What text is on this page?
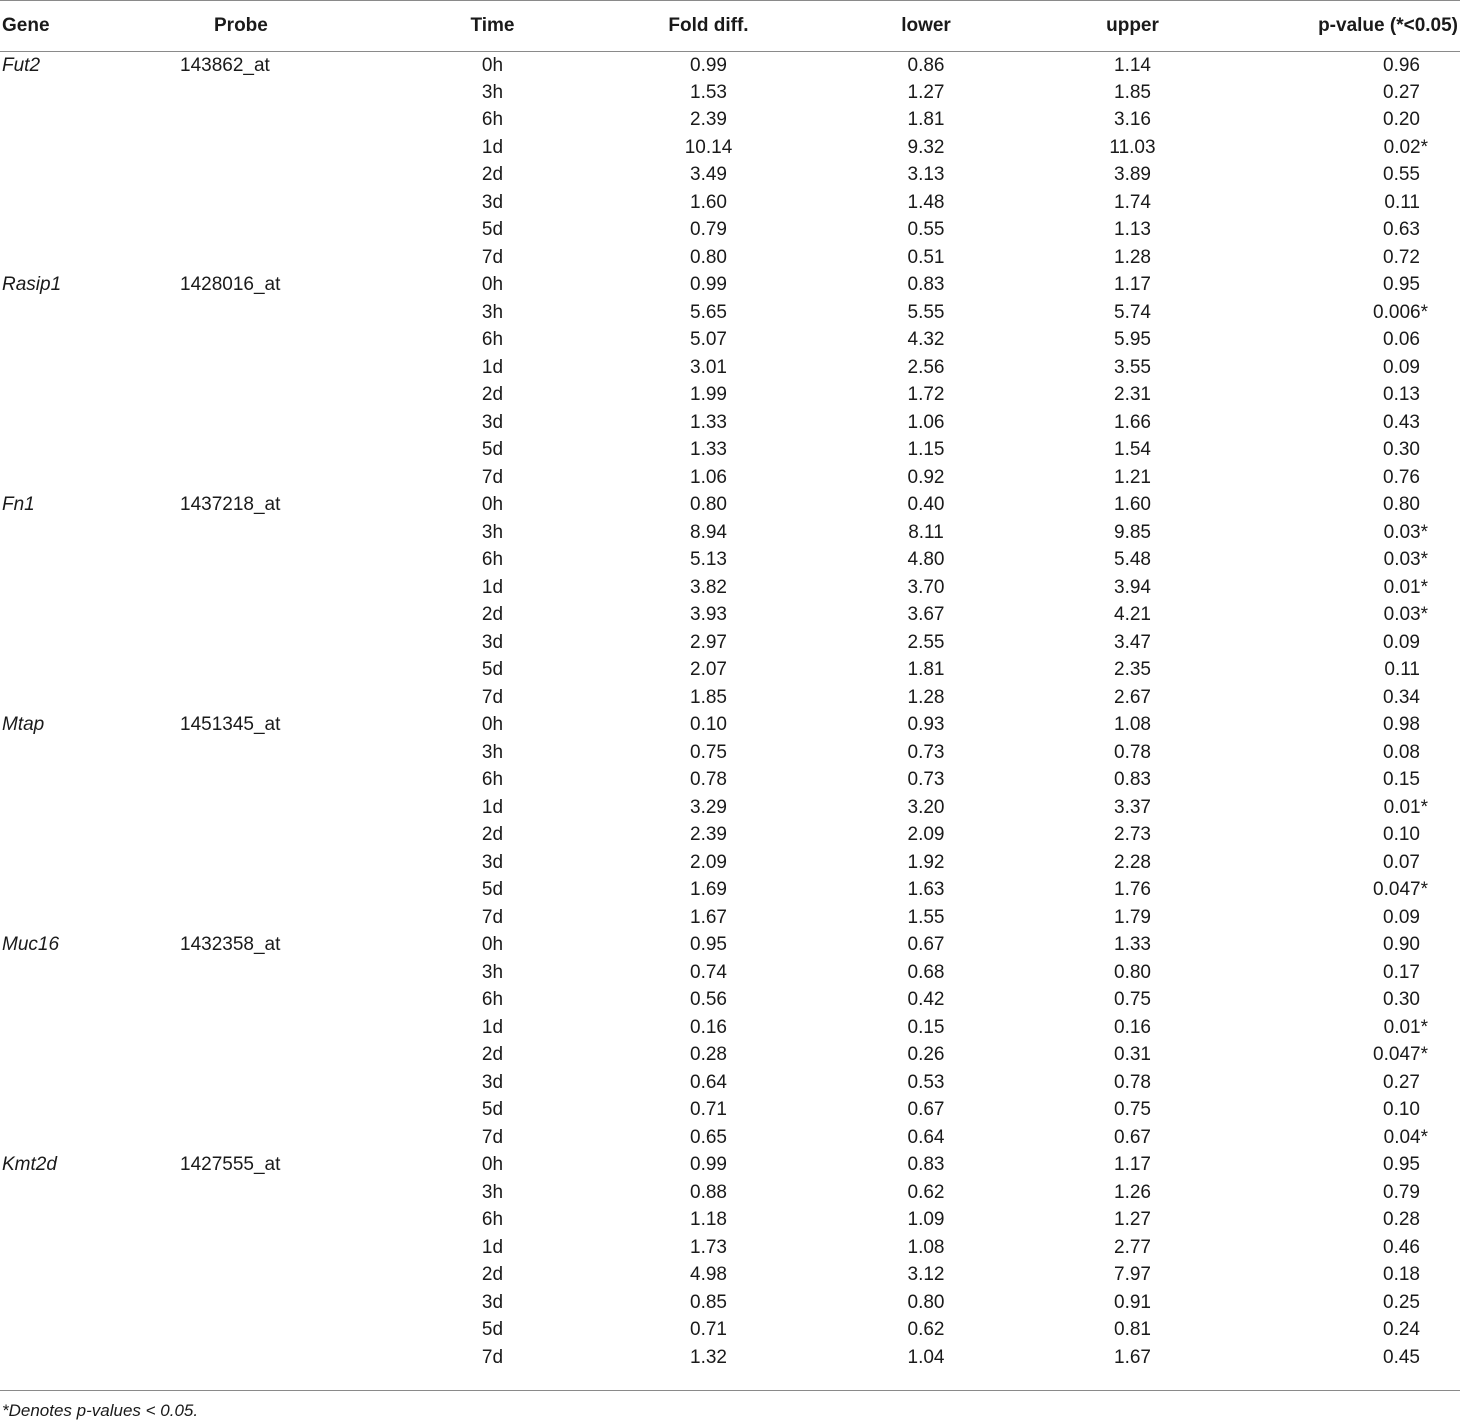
Gene	Probe	Time	Fold diff.	lower	upper	p-value (*<0.05)
Fut2	143862_at	0h	0.99	0.86	1.14	0.96
		3h	1.53	1.27	1.85	0.27
		6h	2.39	1.81	3.16	0.20
		1d	10.14	9.32	11.03	0.02*
		2d	3.49	3.13	3.89	0.55
		3d	1.60	1.48	1.74	0.11
		5d	0.79	0.55	1.13	0.63
		7d	0.80	0.51	1.28	0.72
Rasip1	1428016_at	0h	0.99	0.83	1.17	0.95
		3h	5.65	5.55	5.74	0.006*
		6h	5.07	4.32	5.95	0.06
		1d	3.01	2.56	3.55	0.09
		2d	1.99	1.72	2.31	0.13
		3d	1.33	1.06	1.66	0.43
		5d	1.33	1.15	1.54	0.30
		7d	1.06	0.92	1.21	0.76
Fn1	1437218_at	0h	0.80	0.40	1.60	0.80
		3h	8.94	8.11	9.85	0.03*
		6h	5.13	4.80	5.48	0.03*
		1d	3.82	3.70	3.94	0.01*
		2d	3.93	3.67	4.21	0.03*
		3d	2.97	2.55	3.47	0.09
		5d	2.07	1.81	2.35	0.11
		7d	1.85	1.28	2.67	0.34
Mtap	1451345_at	0h	0.10	0.93	1.08	0.98
		3h	0.75	0.73	0.78	0.08
		6h	0.78	0.73	0.83	0.15
		1d	3.29	3.20	3.37	0.01*
		2d	2.39	2.09	2.73	0.10
		3d	2.09	1.92	2.28	0.07
		5d	1.69	1.63	1.76	0.047*
		7d	1.67	1.55	1.79	0.09
Muc16	1432358_at	0h	0.95	0.67	1.33	0.90
		3h	0.74	0.68	0.80	0.17
		6h	0.56	0.42	0.75	0.30
		1d	0.16	0.15	0.16	0.01*
		2d	0.28	0.26	0.31	0.047*
		3d	0.64	0.53	0.78	0.27
		5d	0.71	0.67	0.75	0.10
		7d	0.65	0.64	0.67	0.04*
Kmt2d	1427555_at	0h	0.99	0.83	1.17	0.95
		3h	0.88	0.62	1.26	0.79
		6h	1.18	1.09	1.27	0.28
		1d	1.73	1.08	2.77	0.46
		2d	4.98	3.12	7.97	0.18
		3d	0.85	0.80	0.91	0.25
		5d	0.71	0.62	0.81	0.24
		7d	1.32	1.04	1.67	0.45
*Denotes p-values < 0.05.
